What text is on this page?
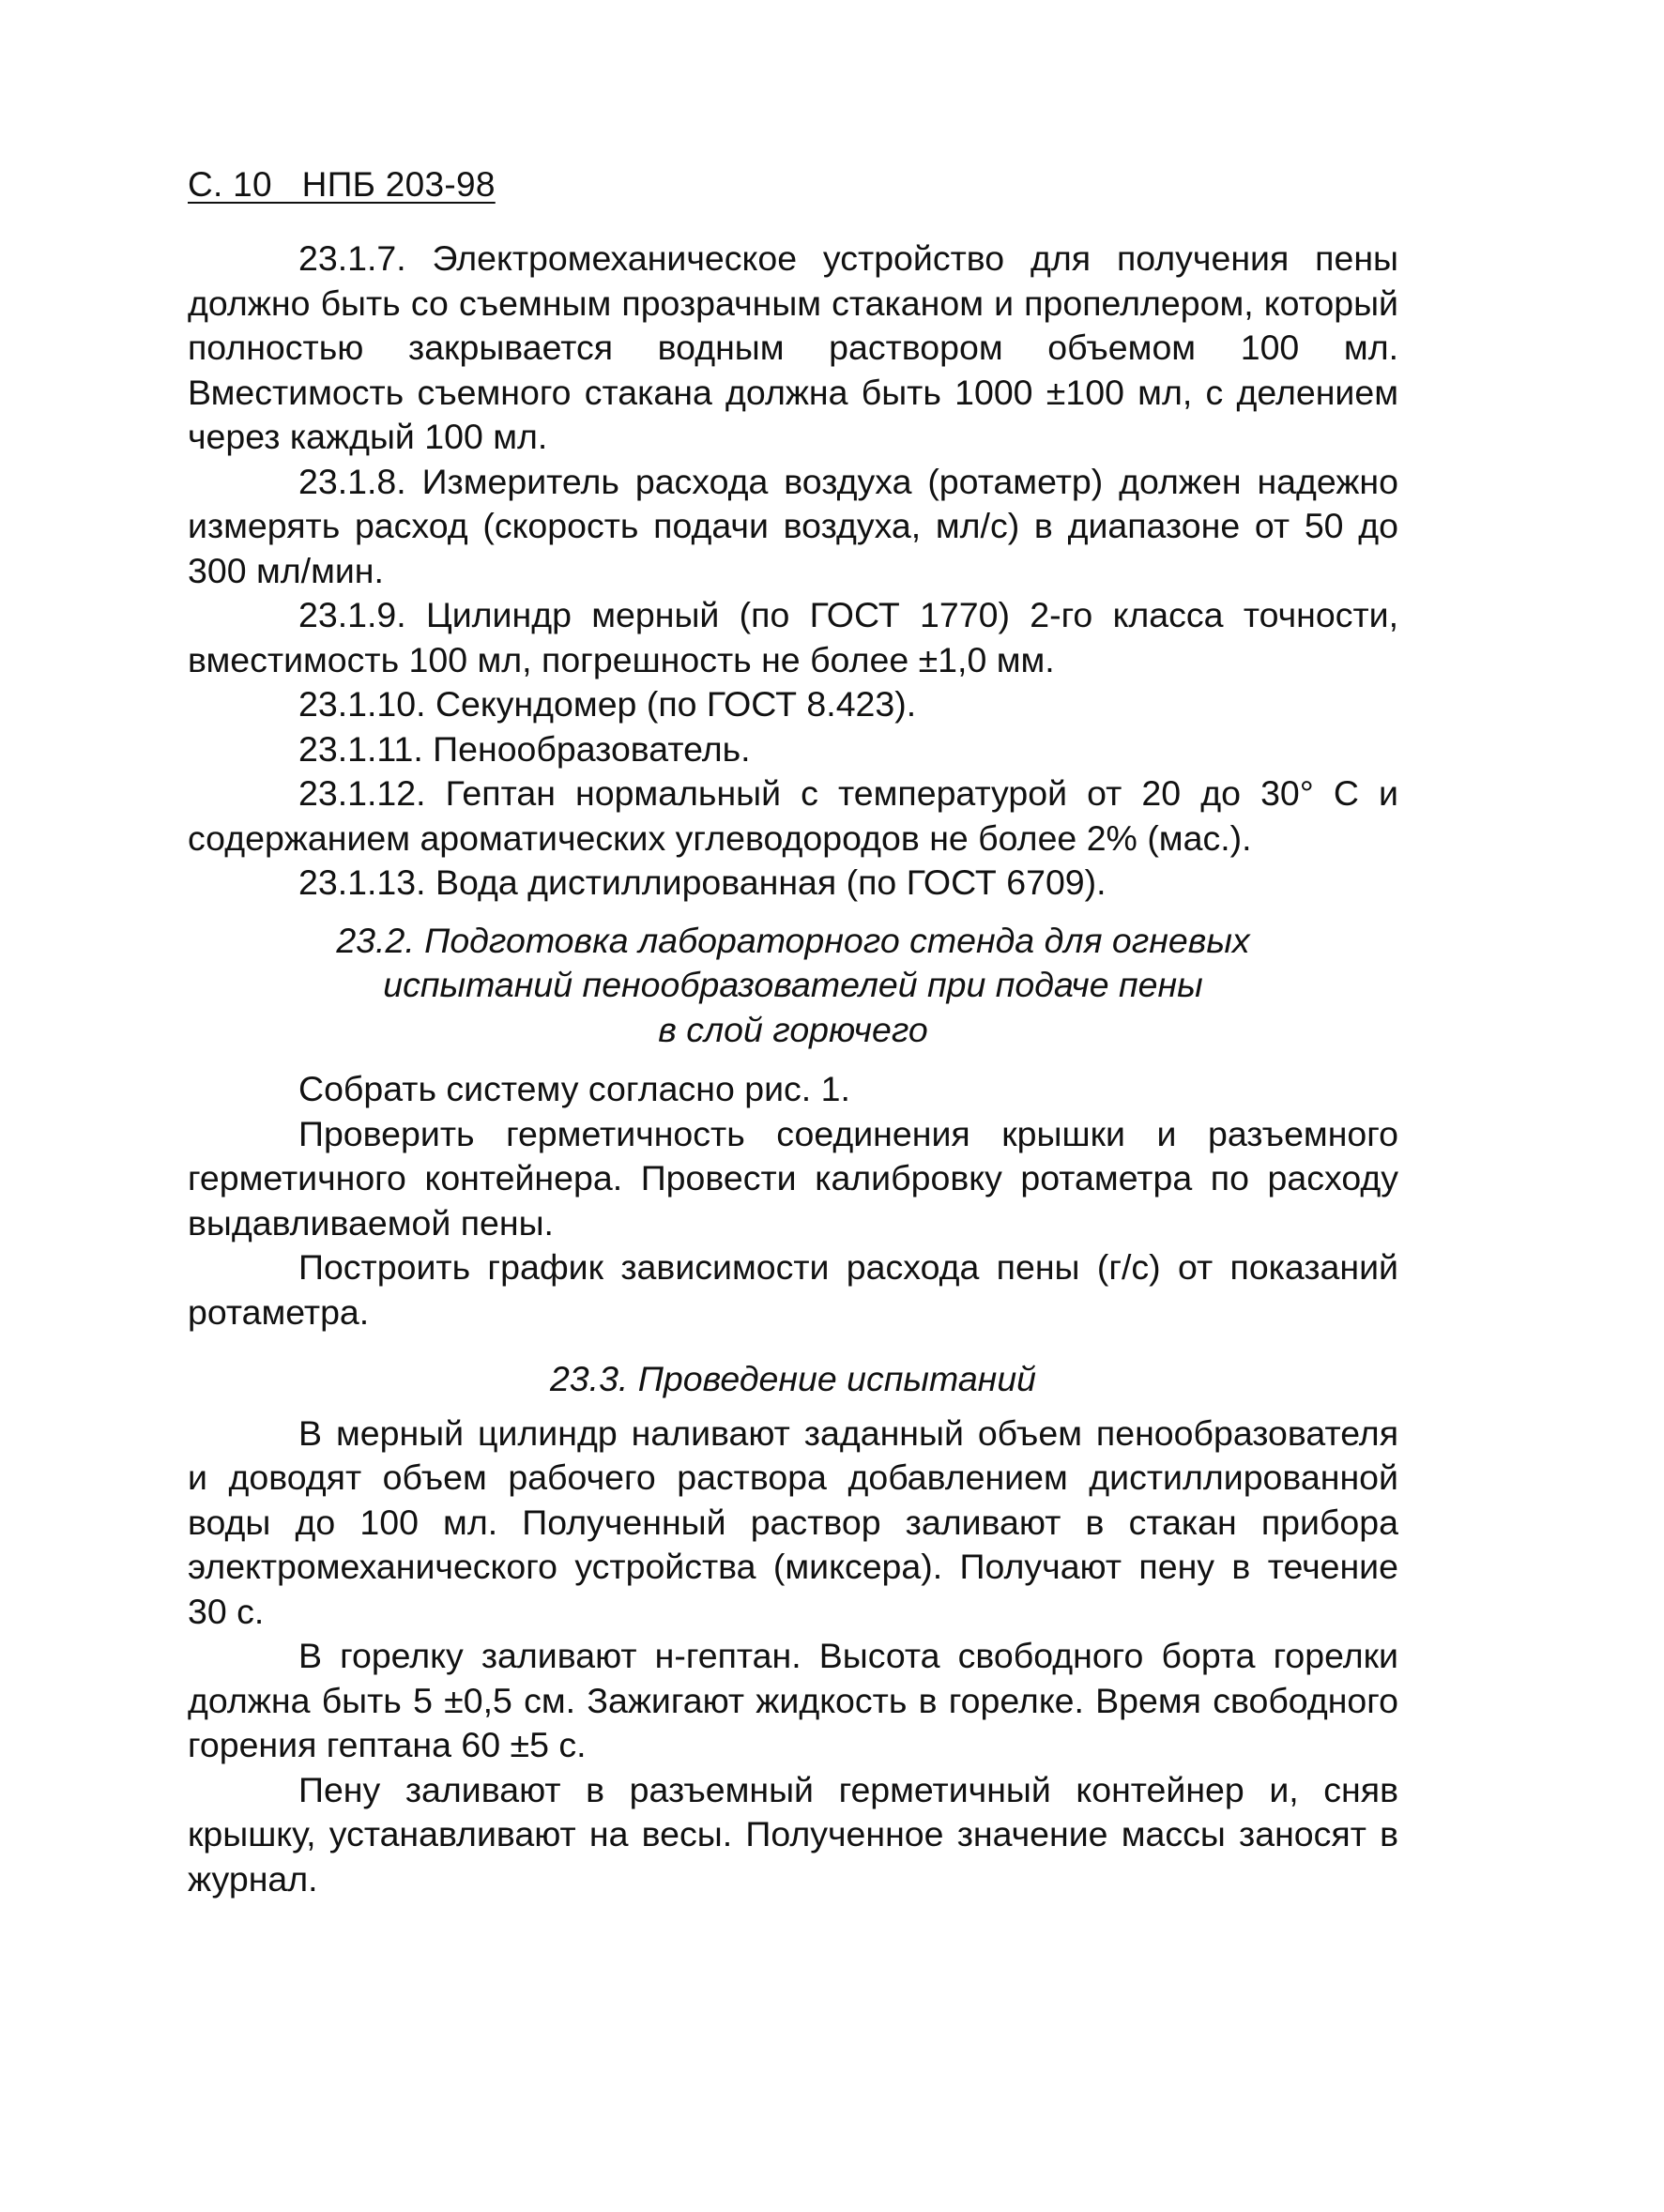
С. 10   НПБ 203-98

23.1.7. Электромеханическое устройство для получения пены должно быть со съемным прозрачным стаканом и пропеллером, который полностью закрывается водным раствором объемом 100 мл. Вместимость съемного стакана должна быть 1000 ±100 мл, с делением через каждый 100 мл.

23.1.8. Измеритель расхода воздуха (ротаметр) должен надежно измерять расход (скорость подачи воздуха, мл/с) в диапазоне от 50 до 300 мл/мин.

23.1.9. Цилиндр мерный (по ГОСТ 1770) 2-го класса точности, вместимость 100 мл, погрешность не более ±1,0 мм.

23.1.10. Секундомер (по ГОСТ 8.423).

23.1.11. Пенообразователь.

23.1.12. Гептан нормальный с температурой от 20 до 30° С и содержанием ароматических углеводородов не более 2% (мас.).

23.1.13. Вода дистиллированная (по ГОСТ 6709).

23.2. Подготовка лабораторного стенда для огневых
испытаний пенообразователей при подаче пены
в слой горючего

Собрать систему согласно рис. 1.

Проверить герметичность соединения крышки и разъемного герметичного контейнера. Провести калибровку ротаметра по расходу выдавливаемой пены.

Построить график зависимости расхода пены (г/с) от показаний ротаметра.

23.3. Проведение испытаний

В мерный цилиндр наливают заданный объем пенообразователя и доводят объем рабочего раствора добавлением дистиллированной воды до 100 мл. Полученный раствор заливают в стакан прибора электромеханического устройства (миксера). Получают пену в течение 30 с.

В горелку заливают н-гептан. Высота свободного борта горелки должна быть 5 ±0,5 см. Зажигают жидкость в горелке. Время свободного горения гептана 60 ±5 с.

Пену заливают в разъемный герметичный контейнер и, сняв крышку, устанавливают на весы. Полученное значение массы заносят в журнал.
